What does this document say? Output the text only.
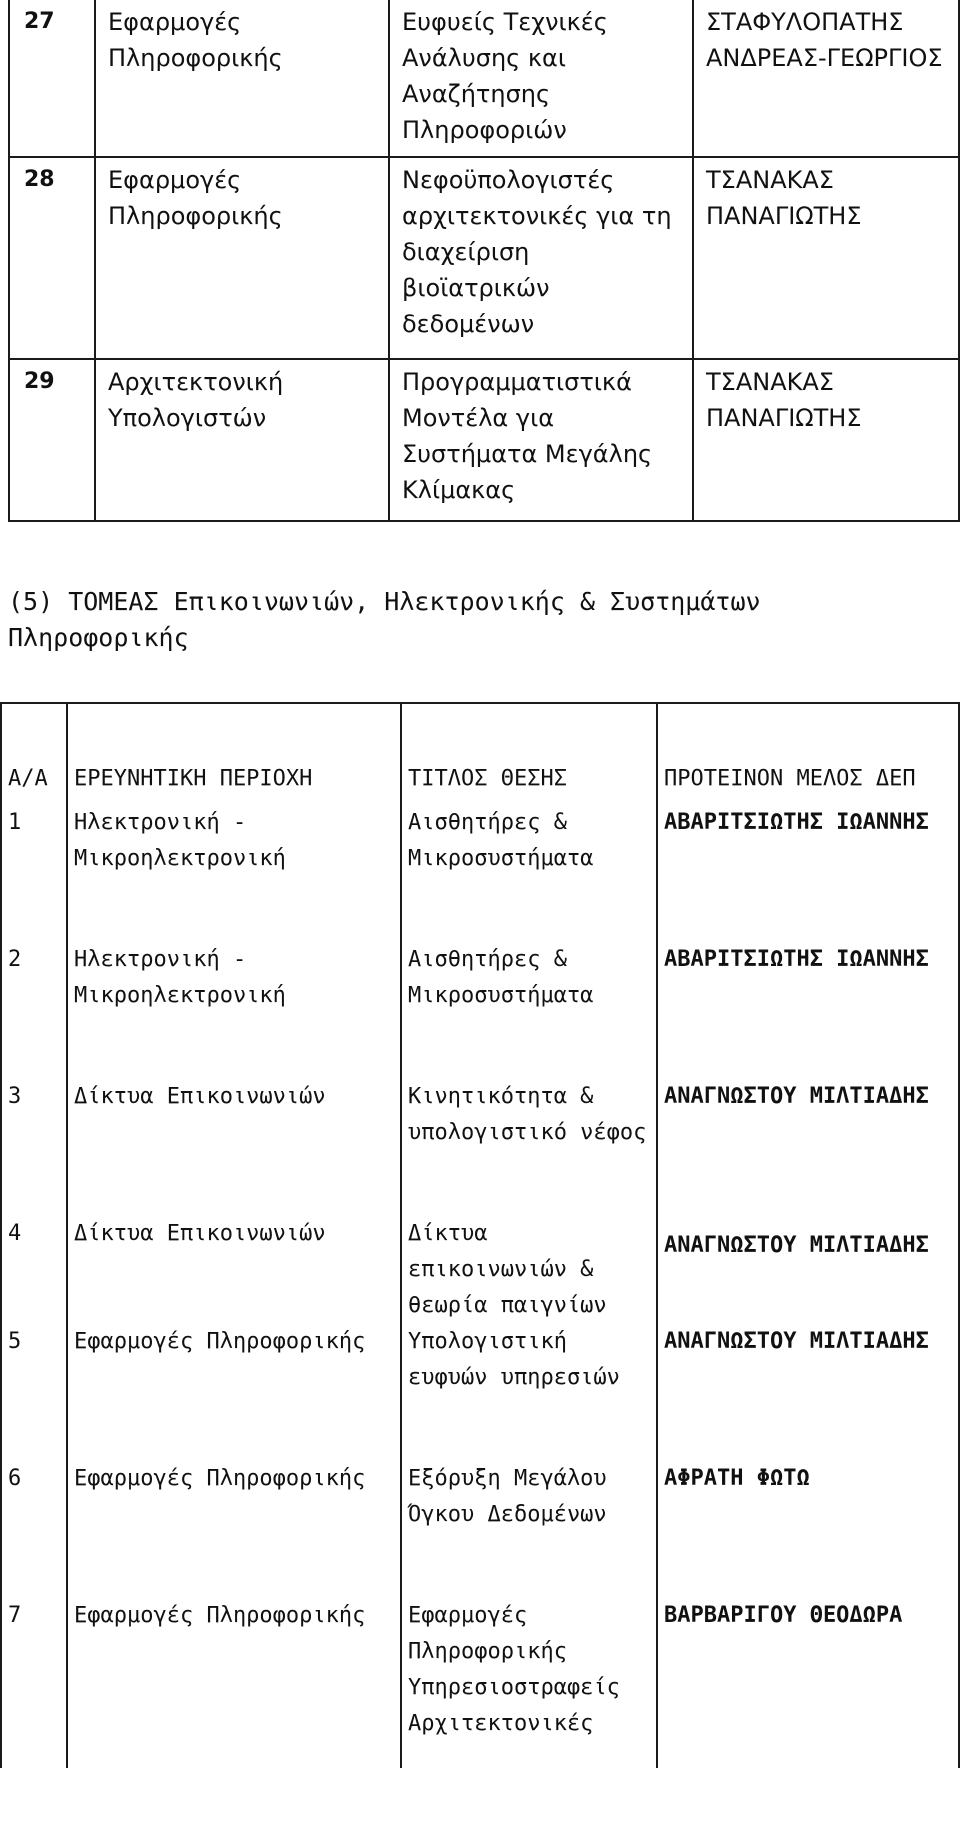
27	Εφαρμογές Πληροφορικής	Ευφυείς Τεχνικές Ανάλυσης και Αναζήτησης Πληροφοριών	ΣΤΑΦΥΛΟΠΑΤΗΣ ΑΝΔΡΕΑΣ-ΓΕΩΡΓΙΟΣ
28	Εφαρμογές Πληροφορικής	Νεφοϋπολογιστές αρχιτεκτονικές για τη διαχείριση βιοϊατρικών δεδομένων	ΤΣΑΝΑΚΑΣ ΠΑΝΑΓΙΩΤΗΣ
29	Αρχιτεκτονική Υπολογιστών	Προγραμματιστικά Μοντέλα για Συστήματα Μεγάλης Κλίμακας	ΤΣΑΝΑΚΑΣ ΠΑΝΑΓΙΩΤΗΣ

(5) ΤΟΜΕΑΣ Επικοινωνιών, Ηλεκτρονικής & Συστημάτων Πληροφορικής

Α/Α	ΕΡΕΥΝΗΤΙΚΗ ΠΕΡΙΟΧΗ	ΤΙΤΛΟΣ ΘΕΣΗΣ	ΠΡΟΤΕΙΝΟΝ ΜΕΛΟΣ ΔΕΠ
1	Ηλεκτρονική - Μικροηλεκτρονική	Αισθητήρες & Μικροσυστήματα	ΑΒΑΡΙΤΣΙΩΤΗΣ ΙΩΑΝΝΗΣ
2	Ηλεκτρονική - Μικροηλεκτρονική	Αισθητήρες & Μικροσυστήματα	ΑΒΑΡΙΤΣΙΩΤΗΣ ΙΩΑΝΝΗΣ
3	Δίκτυα Επικοινωνιών	Κινητικότητα & υπολογιστικό νέφος	ΑΝΑΓΝΩΣΤΟΥ ΜΙΛΤΙΑΔΗΣ
4	Δίκτυα Επικοινωνιών	Δίκτυα επικοινωνιών & θεωρία παιγνίων	ΑΝΑΓΝΩΣΤΟΥ ΜΙΛΤΙΑΔΗΣ
5	Εφαρμογές Πληροφορικής	Υπολογιστική ευφυών υπηρεσιών	ΑΝΑΓΝΩΣΤΟΥ ΜΙΛΤΙΑΔΗΣ
6	Εφαρμογές Πληροφορικής	Εξόρυξη Μεγάλου Όγκου Δεδομένων	ΑΦΡΑΤΗ ΦΩΤΩ
7	Εφαρμογές Πληροφορικής	Εφαρμογές Πληροφορικής Υπηρεσιοστραφείς Αρχιτεκτονικές	ΒΑΡΒΑΡΙΓΟΥ ΘΕΟΔΩΡΑ
